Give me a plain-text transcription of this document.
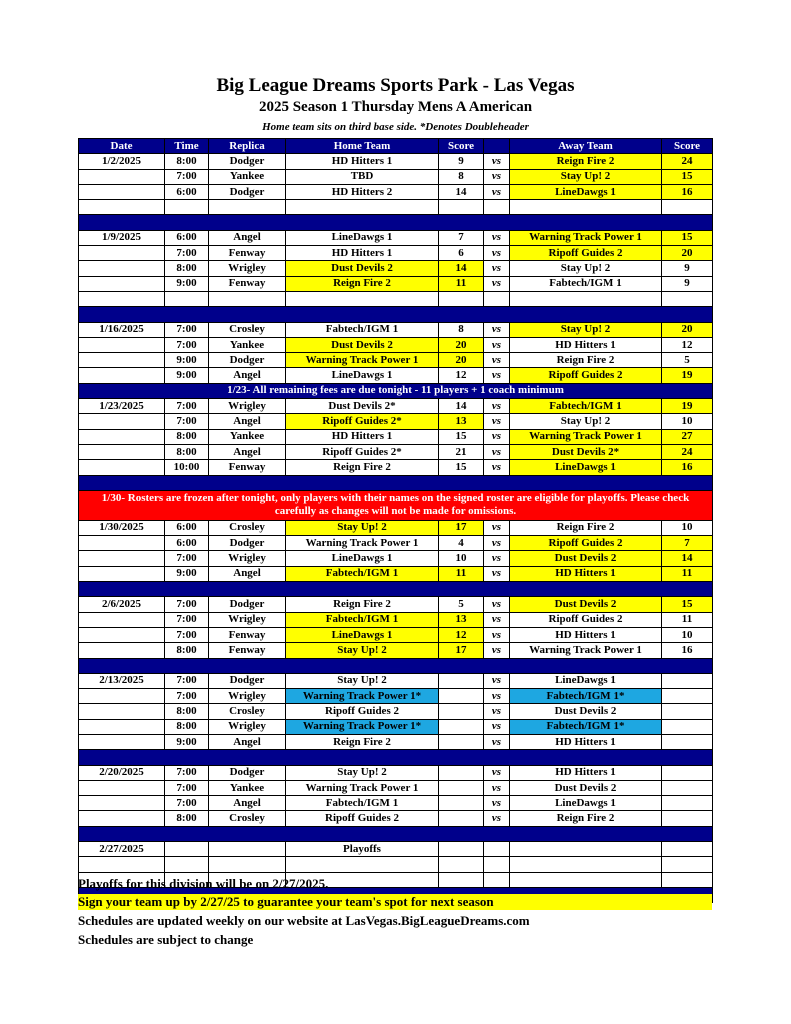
Big League Dreams Sports Park - Las Vegas
2025 Season 1 Thursday Mens A American
Home team sits on third base side. *Denotes Doubleheader
Date	Time	Replica	Home Team	Score		Away Team	Score
1/2/2025	8:00	Dodger	HD Hitters 1	9	vs	Reign Fire 2	24
	7:00	Yankee	TBD	8	vs	Stay Up! 2	15
	6:00	Dodger	HD Hitters 2	14	vs	LineDawgs 1	16

1/9/2025	6:00	Angel	LineDawgs 1	7	vs	Warning Track Power 1	15
	7:00	Fenway	HD Hitters 1	6	vs	Ripoff Guides 2	20
	8:00	Wrigley	Dust Devils 2	14	vs	Stay Up! 2	9
	9:00	Fenway	Reign Fire 2	11	vs	Fabtech/IGM 1	9

1/16/2025	7:00	Crosley	Fabtech/IGM 1	8	vs	Stay Up! 2	20
	7:00	Yankee	Dust Devils 2	20	vs	HD Hitters 1	12
	9:00	Dodger	Warning Track Power 1	20	vs	Reign Fire 2	5
	9:00	Angel	LineDawgs 1	12	vs	Ripoff Guides 2	19
1/23- All remaining fees are due tonight - 11 players + 1 coach minimum							
1/23/2025	7:00	Wrigley	Dust Devils 2*	14	vs	Fabtech/IGM 1	19
	7:00	Angel	Ripoff Guides 2*	13	vs	Stay Up! 2	10
	8:00	Yankee	HD Hitters 1	15	vs	Warning Track Power 1	27
	8:00	Angel	Ripoff Guides 2*	21	vs	Dust Devils 2*	24
	10:00	Fenway	Reign Fire 2	15	vs	LineDawgs 1	16

1/30- Rosters are frozen after tonight, only players with their names on the signed roster are eligible for playoffs. Please check carefully as changes will not be made for omissions.							
1/30/2025	6:00	Crosley	Stay Up! 2	17	vs	Reign Fire 2	10
	6:00	Dodger	Warning Track Power 1	4	vs	Ripoff Guides 2	7
	7:00	Wrigley	LineDawgs 1	10	vs	Dust Devils 2	14
	9:00	Angel	Fabtech/IGM 1	11	vs	HD Hitters 1	11

2/6/2025	7:00	Dodger	Reign Fire 2	5	vs	Dust Devils 2	15
	7:00	Wrigley	Fabtech/IGM 1	13	vs	Ripoff Guides 2	11
	7:00	Fenway	LineDawgs 1	12	vs	HD Hitters 1	10
	8:00	Fenway	Stay Up! 2	17	vs	Warning Track Power 1	16

2/13/2025	7:00	Dodger	Stay Up! 2		vs	LineDawgs 1	
	7:00	Wrigley	Warning Track Power 1*		vs	Fabtech/IGM 1*	
	8:00	Crosley	Ripoff Guides 2		vs	Dust Devils 2	
	8:00	Wrigley	Warning Track Power 1*		vs	Fabtech/IGM 1*	
	9:00	Angel	Reign Fire 2		vs	HD Hitters 1	

2/20/2025	7:00	Dodger	Stay Up! 2		vs	HD Hitters 1	
	7:00	Yankee	Warning Track Power 1		vs	Dust Devils 2	
	7:00	Angel	Fabtech/IGM 1		vs	LineDawgs 1	
	8:00	Crosley	Ripoff Guides 2		vs	Reign Fire 2	

2/27/2025			Playoffs				

Playoffs for this division will be on 2/27/2025.
Sign your team up by 2/27/25 to guarantee your team's spot for next season
Schedules are updated weekly on our website at LasVegas.BigLeagueDreams.com
Schedules are subject to change
